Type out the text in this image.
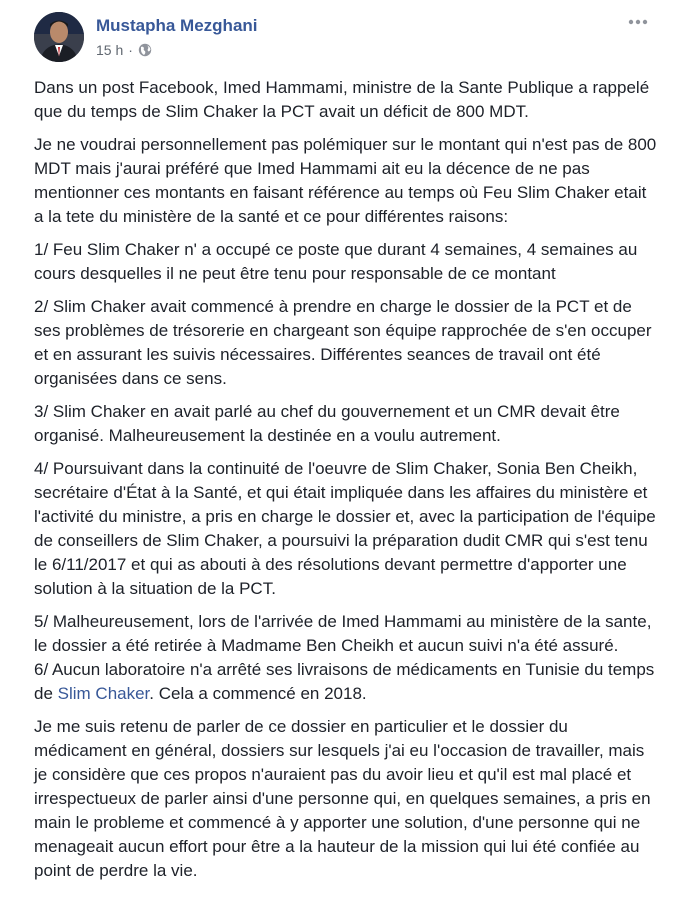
Mustapha Mezghani
15 h ·

Dans un post Facebook, Imed Hammami, ministre de la Sante Publique a rappelé que du temps de Slim Chaker la PCT avait un déficit de 800 MDT.

Je ne voudrai personnellement pas polémiquer sur le montant qui n'est pas de 800 MDT mais j'aurai préféré que Imed Hammami ait eu la décence de ne pas mentionner ces montants en faisant référence au temps où Feu Slim Chaker etait a la tete du ministère de la santé et ce pour différentes raisons:

1/ Feu Slim Chaker n' a occupé ce poste que durant 4 semaines, 4 semaines au cours desquelles il ne peut être tenu pour responsable de ce montant

2/ Slim Chaker avait commencé à prendre en charge le dossier de la PCT et de ses problèmes de trésorerie en chargeant son équipe rapprochée de s'en occuper et en assurant les suivis nécessaires. Différentes seances de travail ont été organisées dans ce sens.

3/ Slim Chaker en avait parlé au chef du gouvernement et un CMR devait être organisé. Malheureusement la destinée en a voulu autrement.

4/ Poursuivant dans la continuité de l'oeuvre de Slim Chaker, Sonia Ben Cheikh, secrétaire d'État à la Santé, et qui était impliquée dans les affaires du ministère et l'activité du ministre, a pris en charge le dossier et, avec la participation de l'équipe de conseillers de Slim Chaker, a poursuivi la préparation dudit CMR qui s'est tenu le 6/11/2017 et qui as abouti à des résolutions devant permettre d'apporter une solution à la situation de la PCT.

5/ Malheureusement, lors de l'arrivée de Imed Hammami au ministère de la sante, le dossier a été retirée à Madmame Ben Cheikh et aucun suivi n'a été assuré.

6/ Aucun laboratoire n'a arrêté ses livraisons de médicaments en Tunisie du temps de Slim Chaker. Cela a commencé en 2018.

Je me suis retenu de parler de ce dossier en particulier et le dossier du médicament en général, dossiers sur lesquels j'ai eu l'occasion de travailler, mais je considère que ces propos n'auraient pas du avoir lieu et qu'il est mal placé et irrespectueux de parler ainsi d'une personne qui, en quelques semaines, a pris en main le probleme et commencé à y apporter une solution, d'une personne qui ne menageait aucun effort pour être a la hauteur de la mission qui lui été confiée au point de perdre la vie.
